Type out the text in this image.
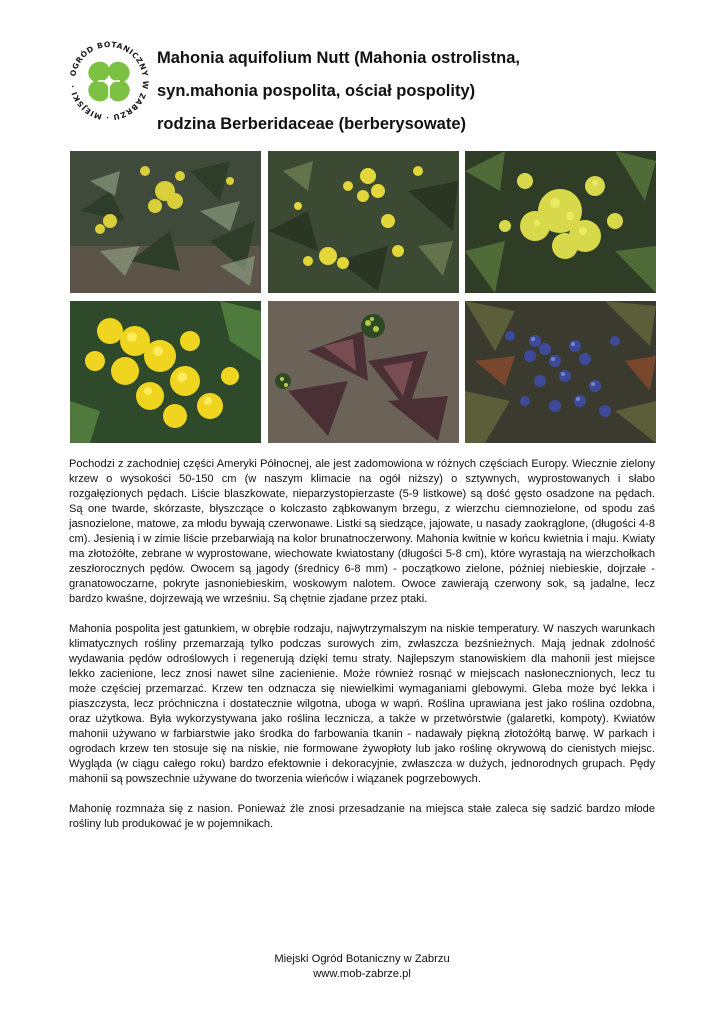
OGRÓD BOTANICZNY W ZABRZU · MIEJSKI ·
Mahonia aquifolium Nutt (Mahonia ostrolistna,
syn.mahonia pospolita, ościał pospolity)
rodzina Berberidaceae (berberysowate)

Pochodzi z zachodniej części Ameryki Północnej, ale jest zadomowiona w różnych częściach Europy. Wiecznie zielony krzew o wysokości 50-150 cm (w naszym klimacie na ogół niższy) o sztywnych, wyprostowanych i słabo rozgałęzionych pędach. Liście blaszkowate, nieparzystopierzaste (5-9 listkowe) są dość gęsto osadzone na pędach. Są one twarde, skórzaste, błyszczące o kolczasto ząbkowanym brzegu, z wierzchu ciemnozielone, od spodu zaś jasnozielone, matowe, za młodu bywają czerwonawe. Listki są siedzące, jajowate, u nasady zaokrąglone, (długości 4-8 cm). Jesienią i w zimie liście przebarwiają na kolor brunatnoczerwony. Mahonia kwitnie w końcu kwietnia i maju. Kwiaty ma złotożółte, zebrane w wyprostowane, wiechowate kwiatostany (długości 5-8 cm), które wyrastają na wierzchołkach zeszłorocznych pędów. Owocem są jagody (średnicy 6-8 mm) - początkowo zielone, później niebieskie, dojrzałe - granatowoczarne, pokryte jasnoniebieskim, woskowym nalotem. Owoce zawierają czerwony sok, są jadalne, lecz bardzo kwaśne, dojrzewają we wrześniu. Są chętnie zjadane przez ptaki.

Mahonia pospolita jest gatunkiem, w obrębie rodzaju, najwytrzymalszym na niskie temperatury. W naszych warunkach klimatycznych rośliny przemarzają tylko podczas surowych zim, zwłaszcza bezśnieżnych. Mają jednak zdolność wydawania pędów odroślowych i regenerują dzięki temu straty. Najlepszym stanowiskiem dla mahonii jest miejsce lekko zacienione, lecz znosi nawet silne zacienienie. Może również rosnąć w miejscach nasłonecznionych, lecz tu może częściej przemarzać. Krzew ten odznacza się niewielkimi wymaganiami glebowymi. Gleba może być lekka i piaszczysta, lecz próchniczna i dostatecznie wilgotna, uboga w wapń. Roślina uprawiana jest jako roślina ozdobna, oraz użytkowa. Była wykorzystywana jako roślina lecznicza, a także w przetwórstwie (galaretki, kompoty). Kwiatów mahonii używano w farbiarstwie jako środka do farbowania tkanin - nadawały piękną złotożółtą barwę. W parkach i ogrodach krzew ten stosuje się na niskie, nie formowane żywopłoty lub jako roślinę okrywową do cienistych miejsc. Wygląda (w ciągu całego roku) bardzo efektownie i dekoracyjnie, zwłaszcza w dużych, jednorodnych grupach. Pędy mahonii są powszechnie używane do tworzenia wieńców i wiązanek pogrzebowych.

Mahonię rozmnaża się z nasion. Ponieważ źle znosi przesadzanie na miejsca stałe zaleca się sadzić bardzo młode rośliny lub produkować je w pojemnikach.

Miejski Ogród Botaniczny w Zabrzu
www.mob-zabrze.pl
